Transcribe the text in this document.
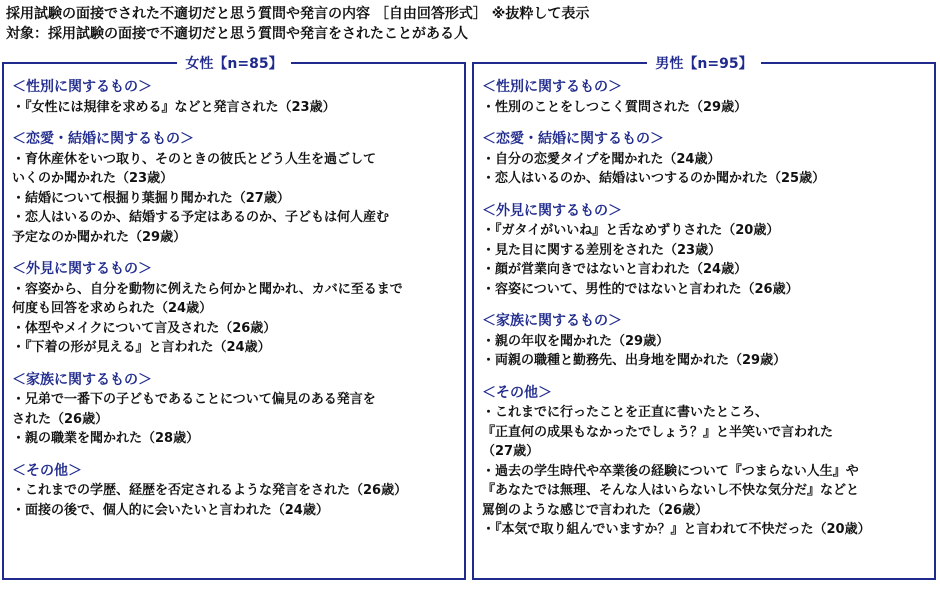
採用試験の面接でされた不適切だと思う質問や発言の内容 ［自由回答形式］ ※抜粋して表示
対象：採用試験の面接で不適切だと思う質問や発言をされたことがある人
女性【n=85】
＜性別に関するもの＞
・『女性には規律を求める』などと発言された（23歳）
＜恋愛・結婚に関するもの＞
・育休産休をいつ取り、そのときの彼氏とどう人生を過ごして
いくのか聞かれた（23歳）
・結婚について根掘り葉掘り聞かれた（27歳）
・恋人はいるのか、結婚する予定はあるのか、子どもは何人産む
予定なのか聞かれた（29歳）
＜外見に関するもの＞
・容姿から、自分を動物に例えたら何かと聞かれ、カバに至るまで
何度も回答を求められた（24歳）
・体型やメイクについて言及された（26歳）
・『下着の形が見える』と言われた（24歳）
＜家族に関するもの＞
・兄弟で一番下の子どもであることについて偏見のある発言を
された（26歳）
・親の職業を聞かれた（28歳）
＜その他＞
・これまでの学歴、経歴を否定されるような発言をされた（26歳）
・面接の後で、個人的に会いたいと言われた（24歳）
男性【n=95】
＜性別に関するもの＞
・性別のことをしつこく質問された（29歳）
＜恋愛・結婚に関するもの＞
・自分の恋愛タイプを聞かれた（24歳）
・恋人はいるのか、結婚はいつするのか聞かれた（25歳）
＜外見に関するもの＞
・『ガタイがいいね』と舌なめずりされた（20歳）
・見た目に関する差別をされた（23歳）
・顔が営業向きではないと言われた（24歳）
・容姿について、男性的ではないと言われた（26歳）
＜家族に関するもの＞
・親の年収を聞かれた（29歳）
・両親の職種と勤務先、出身地を聞かれた（29歳）
＜その他＞
・これまでに行ったことを正直に書いたところ、
『正直何の成果もなかったでしょう？』と半笑いで言われた
（27歳）
・過去の学生時代や卒業後の経験について『つまらない人生』や
『あなたでは無理、そんな人はいらないし不快な気分だ』などと
罵倒のような感じで言われた（26歳）
・『本気で取り組んでいますか？』と言われて不快だった（20歳）
